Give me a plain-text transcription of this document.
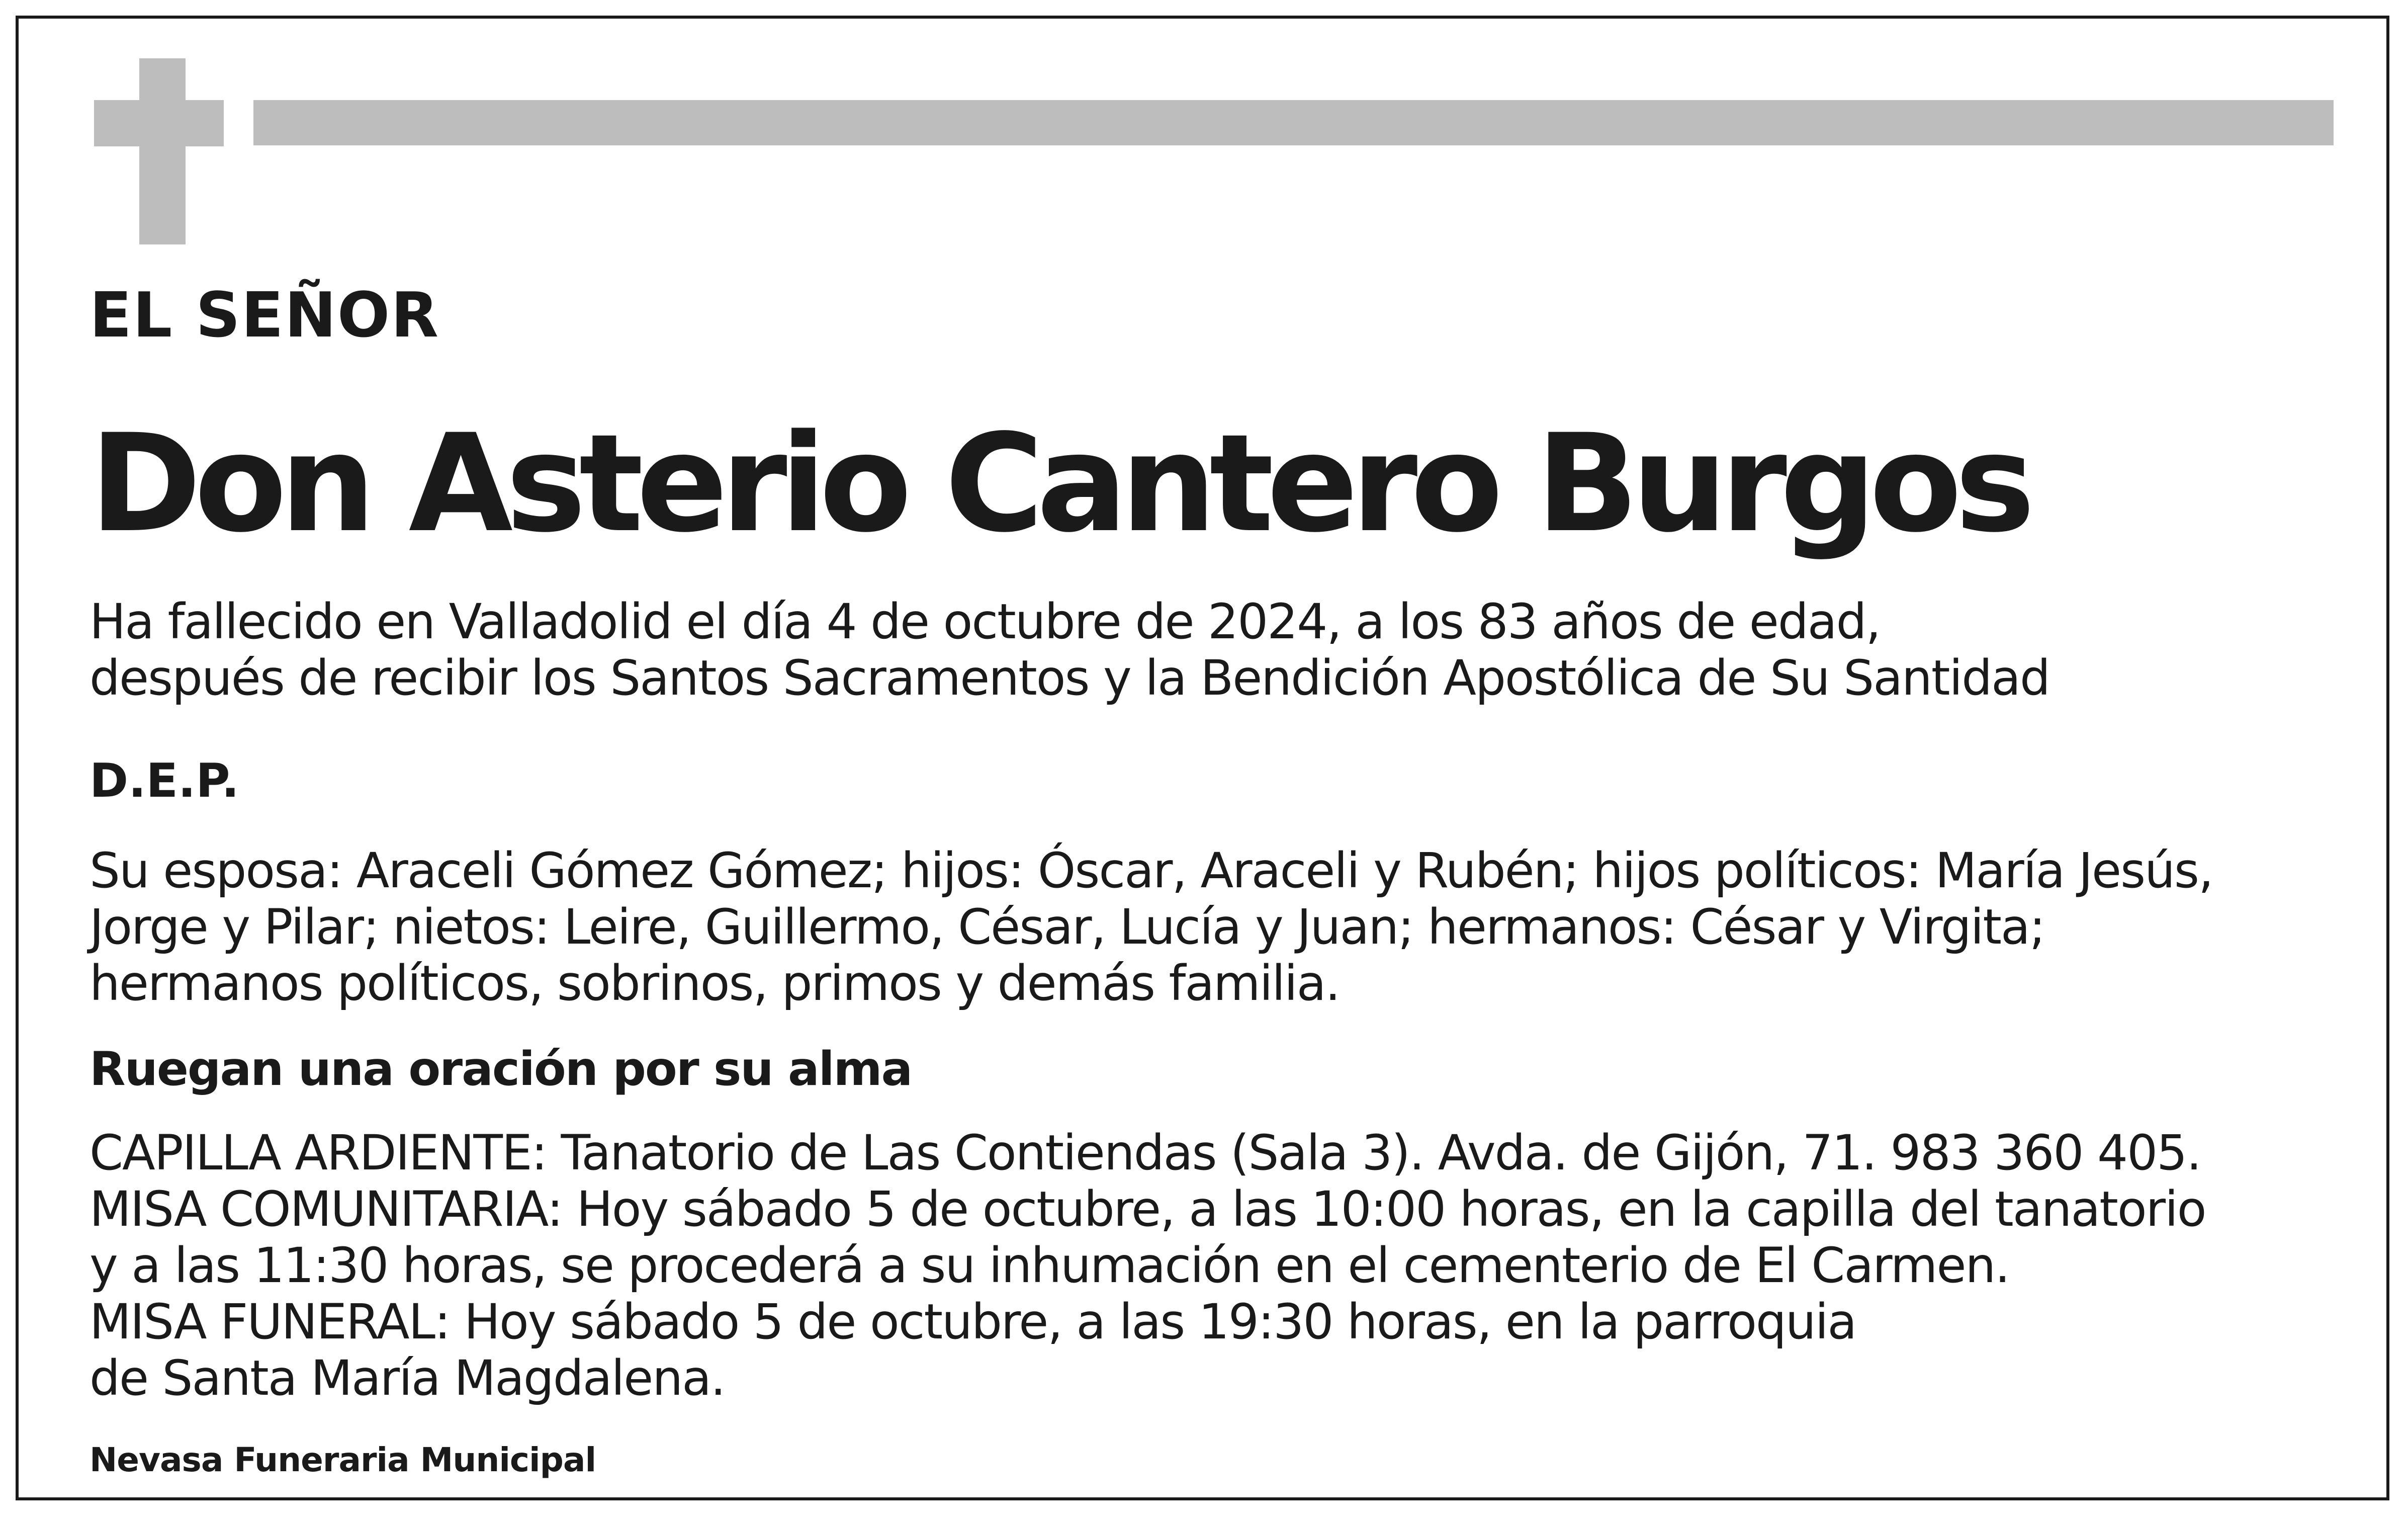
EL SEÑOR
Don Asterio Cantero Burgos
Ha fallecido en Valladolid el día 4 de octubre de 2024, a los 83 años de edad,
después de recibir los Santos Sacramentos y la Bendición Apostólica de Su Santidad
D.E.P.
Su esposa: Araceli Gómez Gómez; hijos: Óscar, Araceli y Rubén; hijos políticos: María Jesús,
Jorge y Pilar; nietos: Leire, Guillermo, César, Lucía y Juan; hermanos: César y Virgita;
hermanos políticos, sobrinos, primos y demás familia.
Ruegan una oración por su alma
CAPILLA ARDIENTE: Tanatorio de Las Contiendas (Sala 3). Avda. de Gijón, 71. 983 360 405.
MISA COMUNITARIA: Hoy sábado 5 de octubre, a las 10:00 horas, en la capilla del tanatorio
y a las 11:30 horas, se procederá a su inhumación en el cementerio de El Carmen.
MISA FUNERAL: Hoy sábado 5 de octubre, a las 19:30 horas, en la parroquia
de Santa María Magdalena.
Nevasa Funeraria Municipal
